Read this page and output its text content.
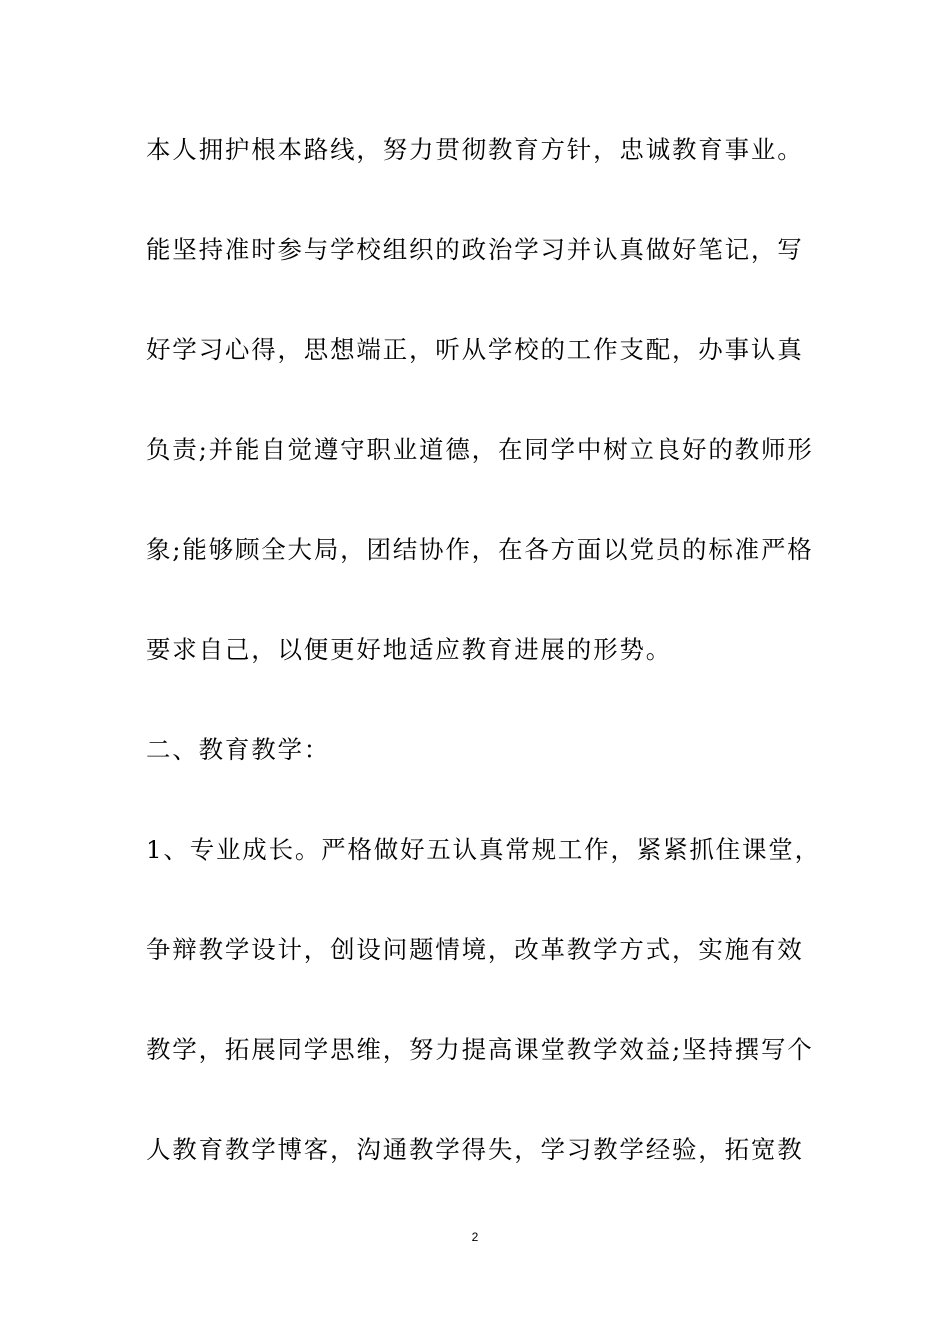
本人拥护根本路线，努力贯彻教育方针，忠诚教育事业。
能坚持准时参与学校组织的政治学习并认真做好笔记，写
好学习心得，思想端正，听从学校的工作支配，办事认真
负责;并能自觉遵守职业道德，在同学中树立良好的教师形
象;能够顾全大局，团结协作，在各方面以党员的标准严格
要求自己，以便更好地适应教育进展的形势。
二、教育教学：
1、专业成长。严格做好五认真常规工作，紧紧抓住课堂，
争辩教学设计，创设问题情境，改革教学方式，实施有效
教学，拓展同学思维，努力提高课堂教学效益;坚持撰写个
人教育教学博客，沟通教学得失，学习教学经验，拓宽教
2
